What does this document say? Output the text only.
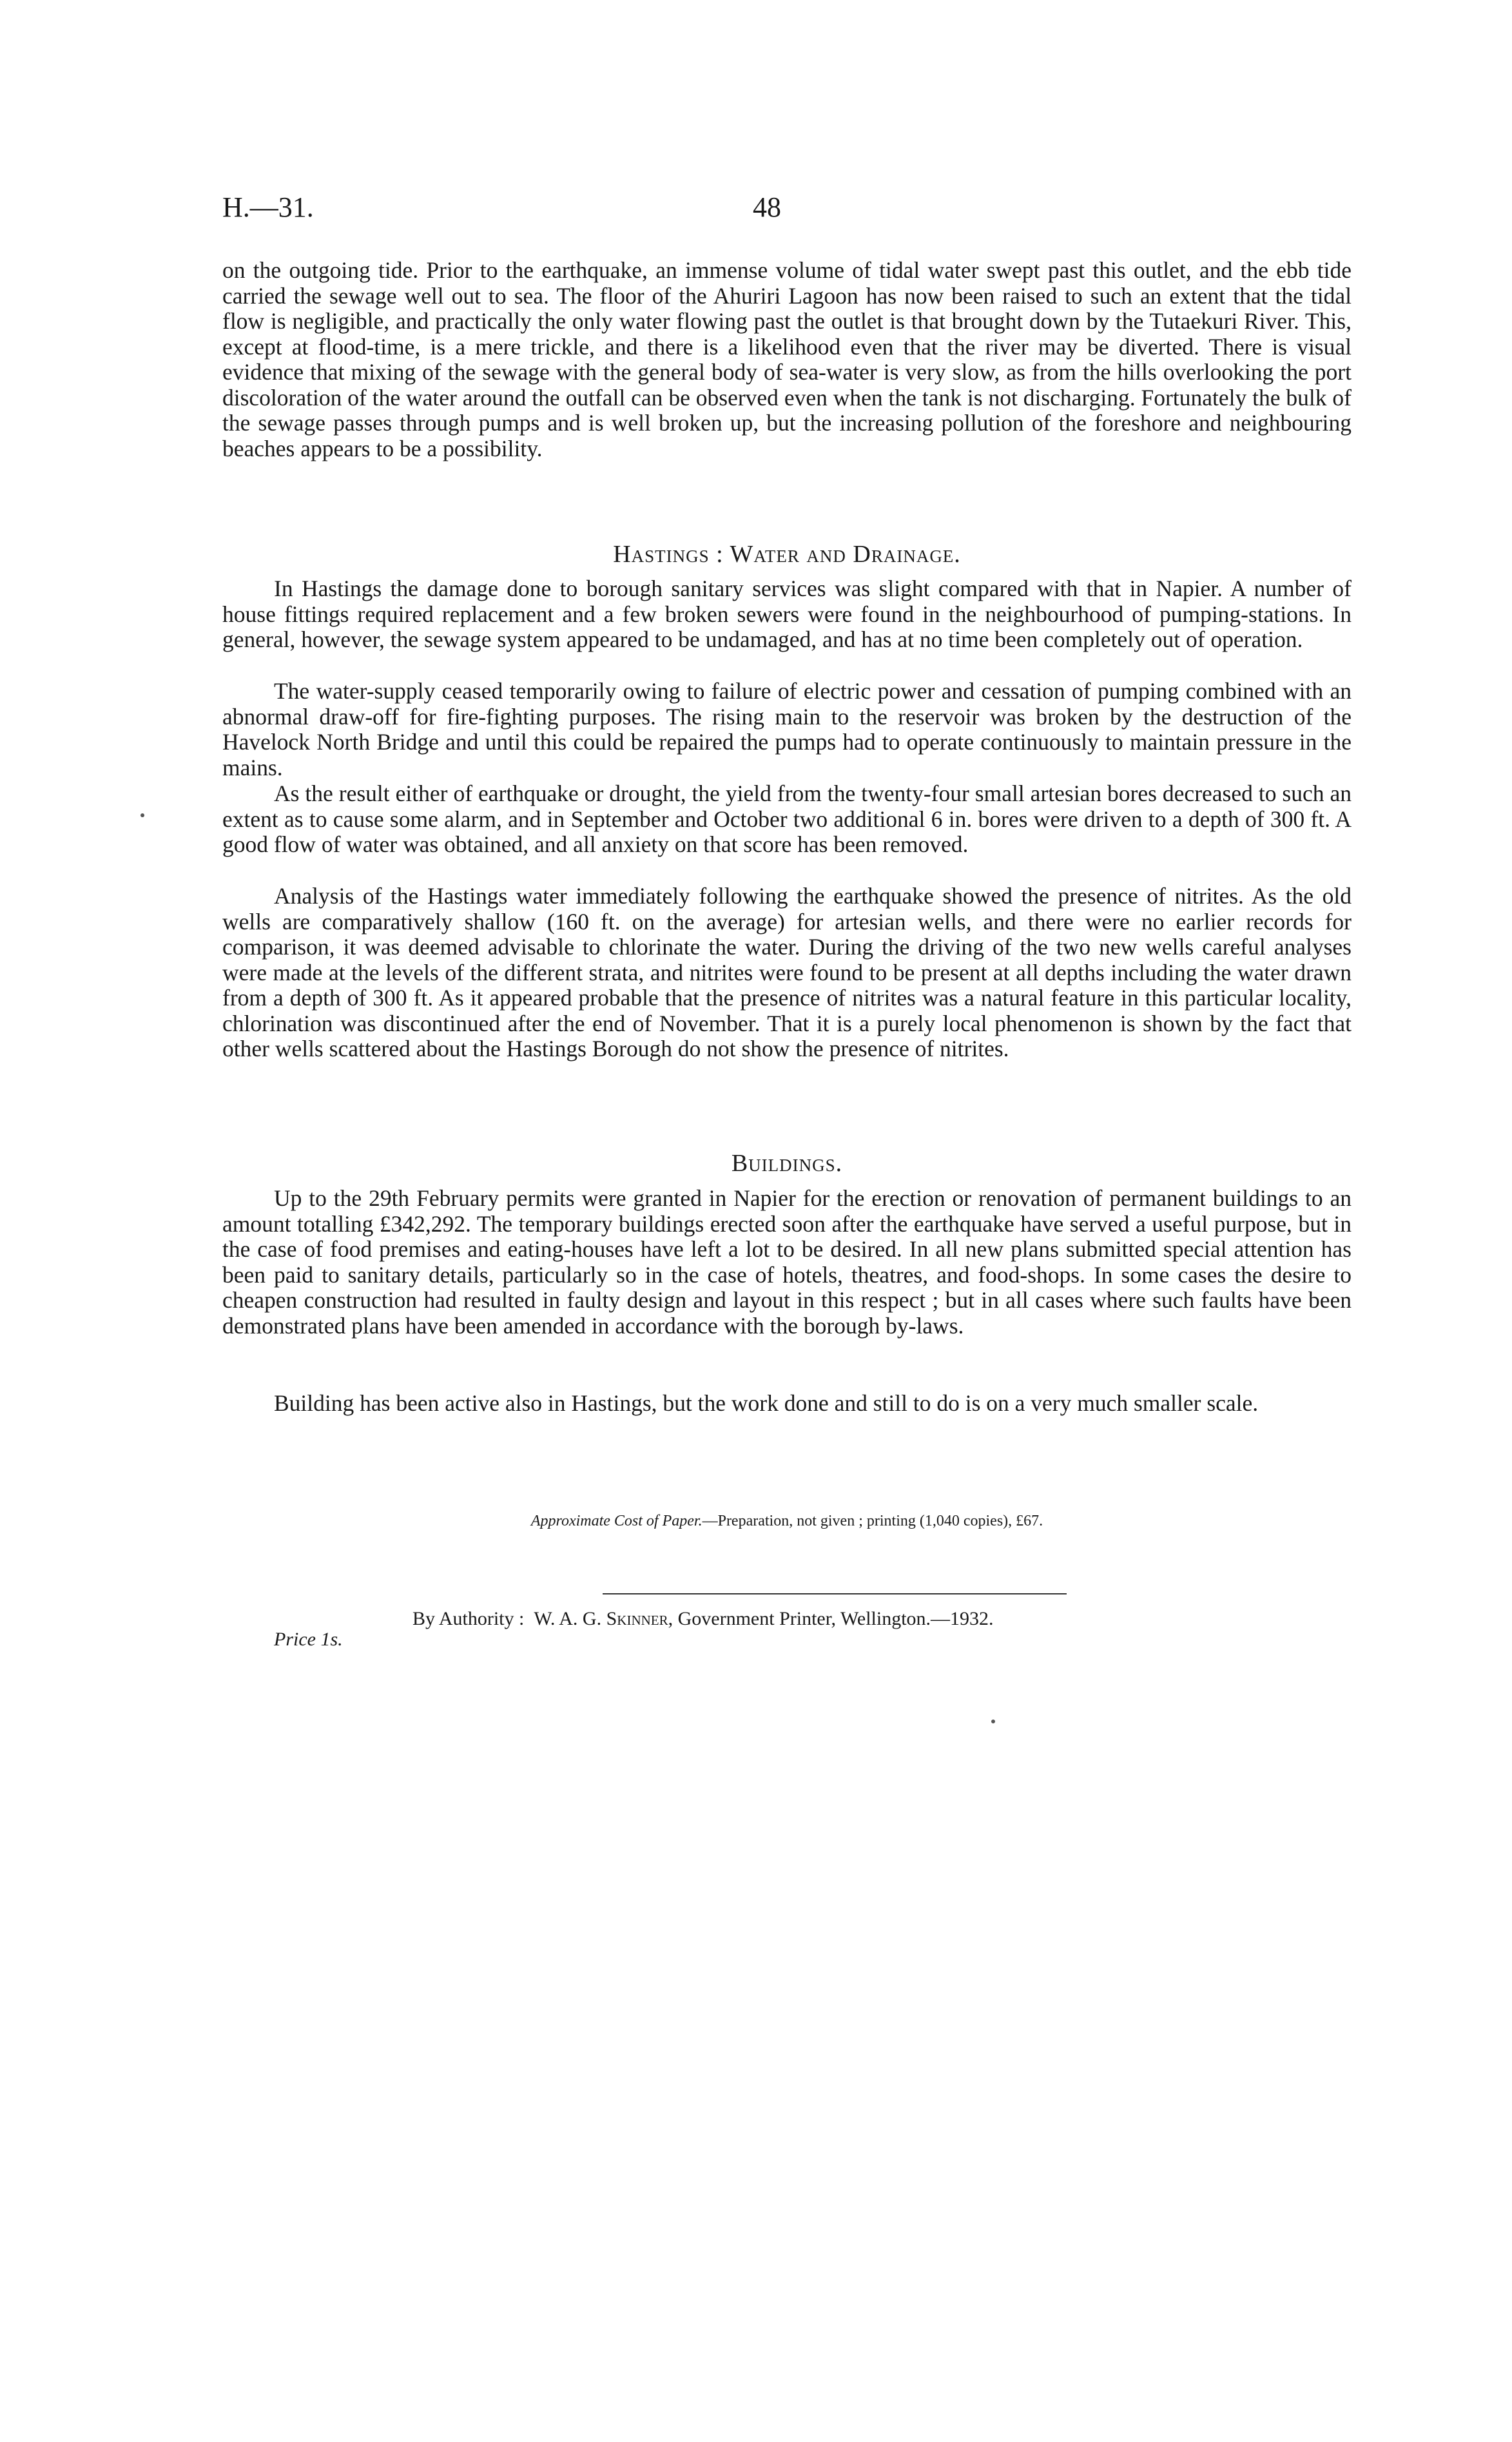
H.—31.	48

on the outgoing tide. Prior to the earthquake, an immense volume of tidal water swept past this outlet, and the ebb tide carried the sewage well out to sea. The floor of the Ahuriri Lagoon has now been raised to such an extent that the tidal flow is negligible, and practically the only water flowing past the outlet is that brought down by the Tutaekuri River. This, except at flood-time, is a mere trickle, and there is a likelihood even that the river may be diverted. There is visual evidence that mixing of the sewage with the general body of sea-water is very slow, as from the hills overlooking the port discoloration of the water around the outfall can be observed even when the tank is not discharging. Fortunately the bulk of the sewage passes through pumps and is well broken up, but the increasing pollution of the foreshore and neighbouring beaches appears to be a possibility.

Hastings : Water and Drainage.

In Hastings the damage done to borough sanitary services was slight compared with that in Napier. A number of house fittings required replacement and a few broken sewers were found in the neighbourhood of pumping-stations. In general, however, the sewage system appeared to be undamaged, and has at no time been completely out of operation.

The water-supply ceased temporarily owing to failure of electric power and cessation of pumping combined with an abnormal draw-off for fire-fighting purposes. The rising main to the reservoir was broken by the destruction of the Havelock North Bridge and until this could be repaired the pumps had to operate continuously to maintain pressure in the mains.

As the result either of earthquake or drought, the yield from the twenty-four small artesian bores decreased to such an extent as to cause some alarm, and in September and October two additional 6 in. bores were driven to a depth of 300 ft. A good flow of water was obtained, and all anxiety on that score has been removed.

Analysis of the Hastings water immediately following the earthquake showed the presence of nitrites. As the old wells are comparatively shallow (160 ft. on the average) for artesian wells, and there were no earlier records for comparison, it was deemed advisable to chlorinate the water. During the driving of the two new wells careful analyses were made at the levels of the different strata, and nitrites were found to be present at all depths including the water drawn from a depth of 300 ft. As it appeared probable that the presence of nitrites was a natural feature in this particular locality, chlorination was discontinued after the end of November. That it is a purely local phenomenon is shown by the fact that other wells scattered about the Hastings Borough do not show the presence of nitrites.

Buildings.

Up to the 29th February permits were granted in Napier for the erection or renovation of permanent buildings to an amount totalling £342,292. The temporary buildings erected soon after the earthquake have served a useful purpose, but in the case of food premises and eating-houses have left a lot to be desired. In all new plans submitted special attention has been paid to sanitary details, particularly so in the case of hotels, theatres, and food-shops. In some cases the desire to cheapen construction had resulted in faulty design and layout in this respect ; but in all cases where such faults have been demonstrated plans have been amended in accordance with the borough by-laws.

Building has been active also in Hastings, but the work done and still to do is on a very much smaller scale.

Approximate Cost of Paper.—Preparation, not given ; printing (1,040 copies), £67.
By Authority : W. A. G. Skinner, Government Printer, Wellington.—1932.
Price 1s.
